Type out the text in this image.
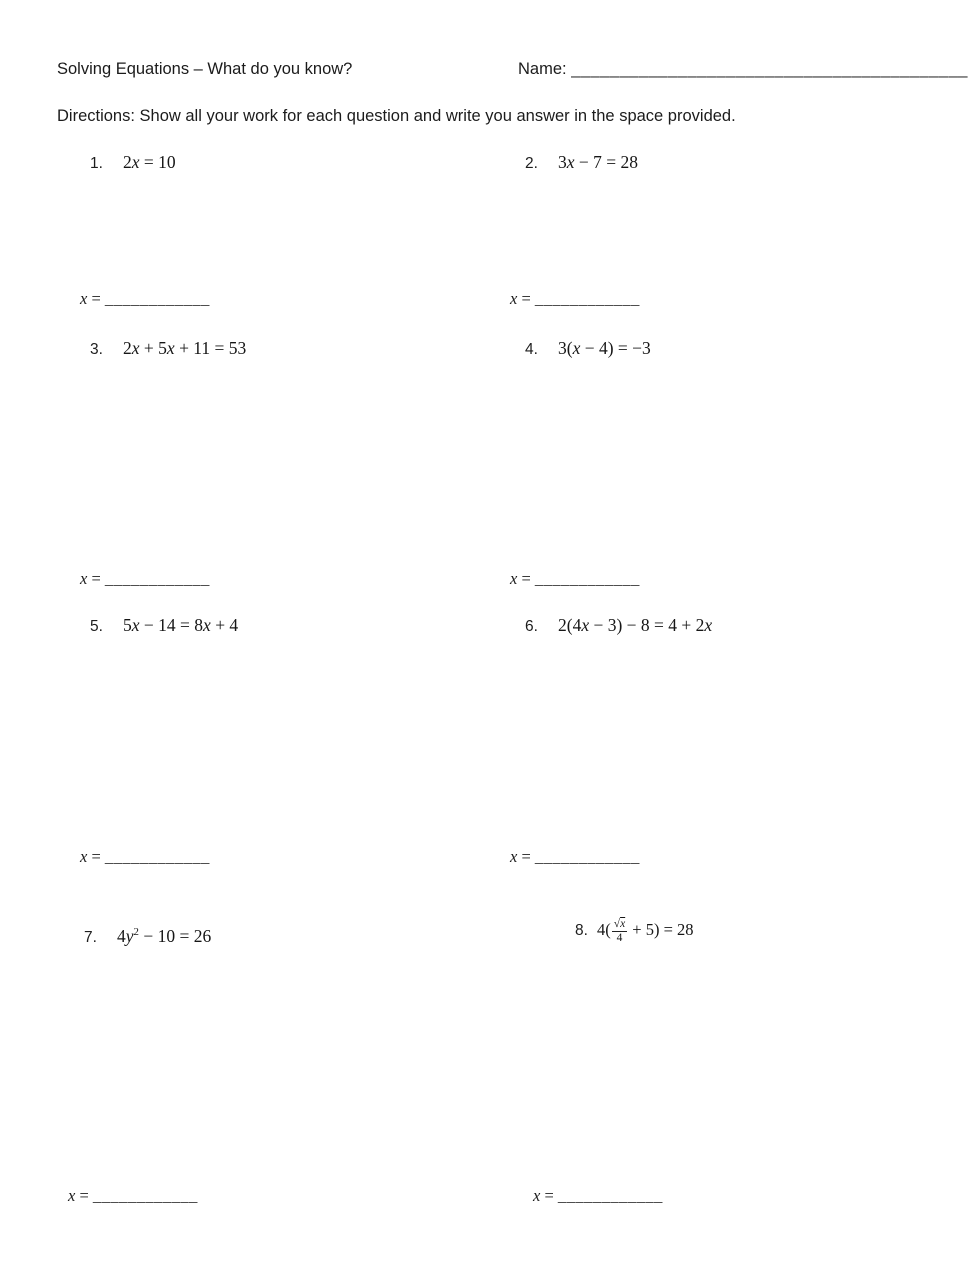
Solving Equations – What do you know?	Name: _________________________________________
Directions: Show all your work for each question and write you answer in the space provided.
1. 2x = 10	2. 3x − 7 = 28
x = ____________	x = ____________
3. 2x + 5x + 11 = 53	4. 3(x − 4) = −3
x = ____________	x = ____________
5. 5x − 14 = 8x + 4	6. 2(4x − 3) − 8 = 4 + 2x
x = ____________	x = ____________
7. $4y^2 - 10 = 26$	8. $4( \frac{√x}{4} + 5) = 28$
x = ____________	x = ____________
